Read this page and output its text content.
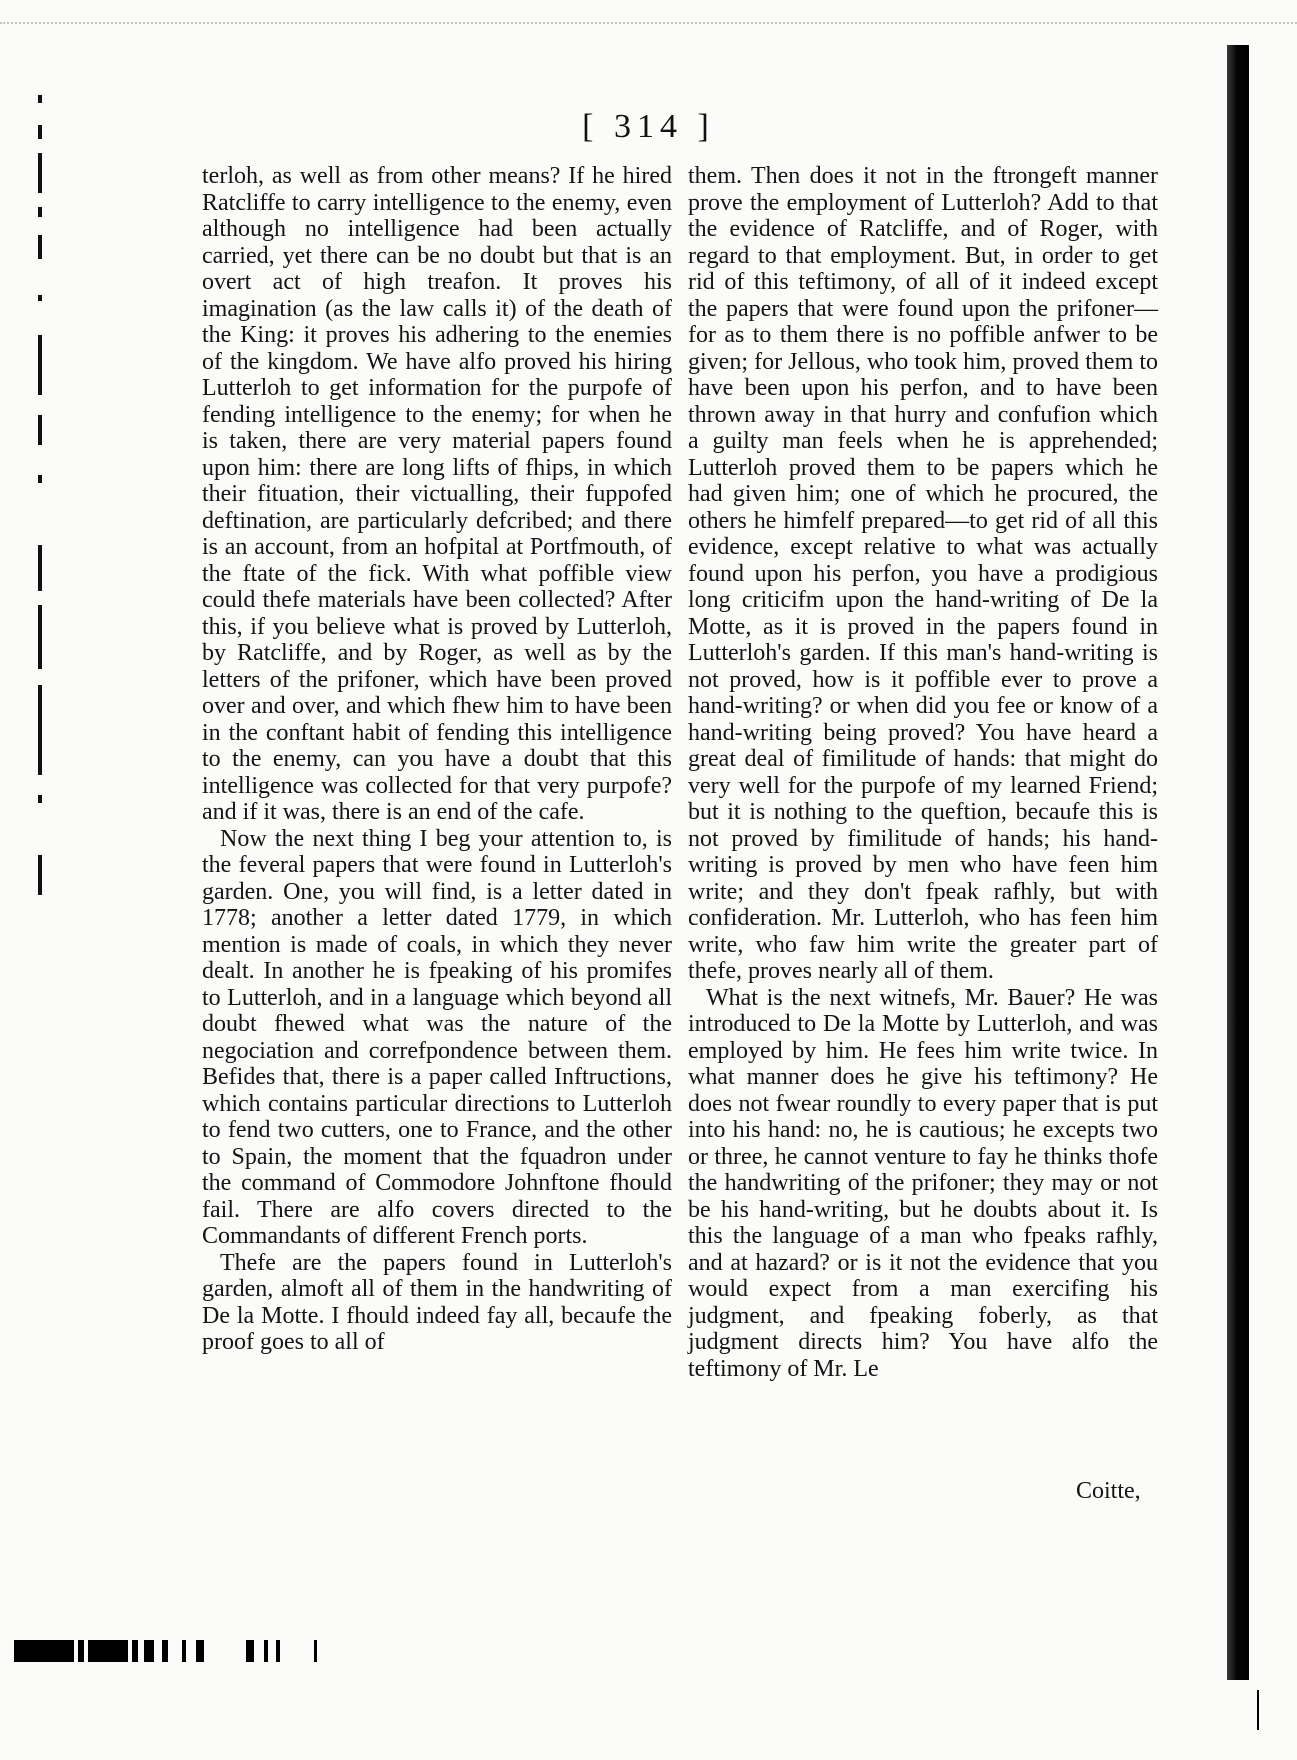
[ 314 ]

terloh, as well as from other means? If he hired Ratcliffe to carry intelligence to the enemy, even although no intelligence had been actually carried, yet there can be no doubt but that is an overt act of high treafon. It proves his imagination (as the law calls it) of the death of the King: it proves his adhering to the enemies of the kingdom. We have alfo proved his hiring Lutterloh to get information for the purpofe of fending intelligence to the enemy; for when he is taken, there are very material papers found upon him: there are long lifts of fhips, in which their fituation, their victualling, their fuppofed deftination, are particularly defcribed; and there is an account, from an hofpital at Portfmouth, of the ftate of the fick. With what poffible view could thefe materials have been collected? After this, if you believe what is proved by Lutterloh, by Ratcliffe, and by Roger, as well as by the letters of the prifoner, which have been proved over and over, and which fhew him to have been in the conftant habit of fending this intelligence to the enemy, can you have a doubt that this intelligence was collected for that very purpofe? and if it was, there is an end of the cafe.

Now the next thing I beg your attention to, is the feveral papers that were found in Lutterloh's garden. One, you will find, is a letter dated in 1778; another a letter dated 1779, in which mention is made of coals, in which they never dealt. In another he is fpeaking of his promifes to Lutterloh, and in a language which beyond all doubt fhewed what was the nature of the negociation and correfpondence between them. Befides that, there is a paper called Inftructions, which contains particular directions to Lutterloh to fend two cutters, one to France, and the other to Spain, the moment that the fquadron under the command of Commodore Johnftone fhould fail. There are alfo covers directed to the Commandants of different French ports.

Thefe are the papers found in Lutterloh's garden, almoft all of them in the handwriting of De la Motte. I fhould indeed fay all, becaufe the proof goes to all of

them. Then does it not in the ftrongeft manner prove the employment of Lutterloh? Add to that the evidence of Ratcliffe, and of Roger, with regard to that employment. But, in order to get rid of this teftimony, of all of it indeed except the papers that were found upon the prifoner—for as to them there is no poffible anfwer to be given; for Jellous, who took him, proved them to have been upon his perfon, and to have been thrown away in that hurry and confufion which a guilty man feels when he is apprehended; Lutterloh proved them to be papers which he had given him; one of which he procured, the others he himfelf prepared—to get rid of all this evidence, except relative to what was actually found upon his perfon, you have a prodigious long criticifm upon the hand-writing of De la Motte, as it is proved in the papers found in Lutterloh's garden. If this man's hand-writing is not proved, how is it poffible ever to prove a hand-writing? or when did you fee or know of a hand-writing being proved? You have heard a great deal of fimilitude of hands: that might do very well for the purpofe of my learned Friend; but it is nothing to the queftion, becaufe this is not proved by fimilitude of hands; his hand-writing is proved by men who have feen him write; and they don't fpeak rafhly, but with confideration. Mr. Lutterloh, who has feen him write, who faw him write the greater part of thefe, proves nearly all of them.

What is the next witnefs, Mr. Bauer? He was introduced to De la Motte by Lutterloh, and was employed by him. He fees him write twice. In what manner does he give his teftimony? He does not fwear roundly to every paper that is put into his hand: no, he is cautious; he excepts two or three, he cannot venture to fay he thinks thofe the handwriting of the prifoner; they may or not be his hand-writing, but he doubts about it. Is this the language of a man who fpeaks rafhly, and at hazard? or is it not the evidence that you would expect from a man exercifing his judgment, and fpeaking foberly, as that judgment directs him? You have alfo the teftimony of Mr. Le

Coitte,
